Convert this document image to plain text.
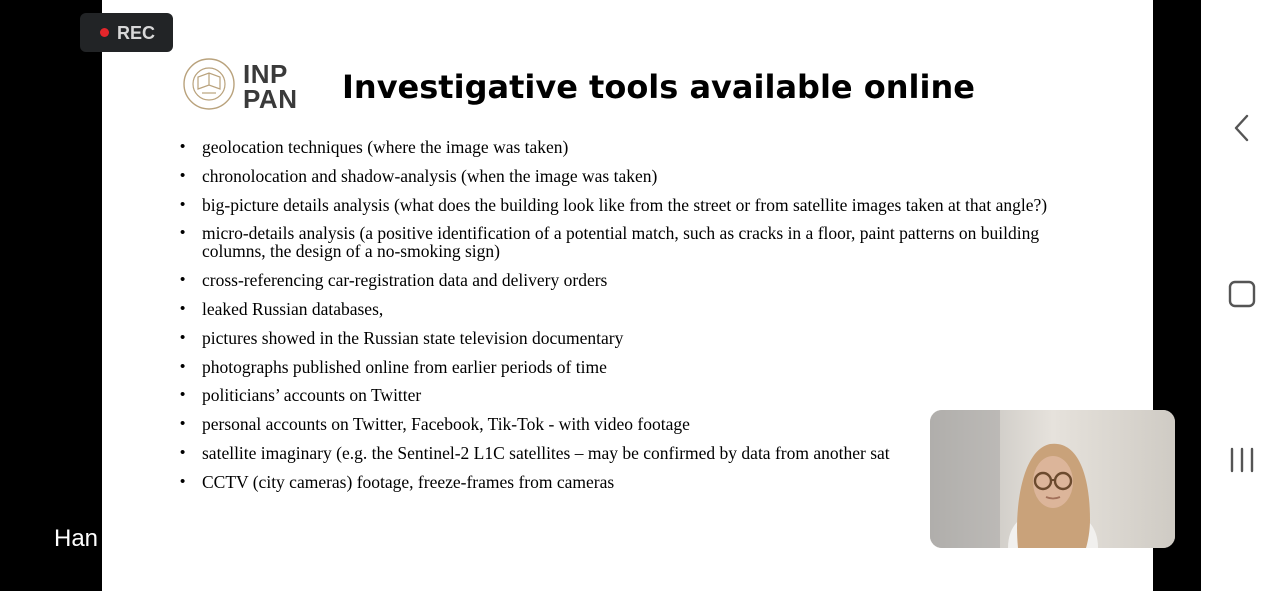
INP
PAN Investigative tools available online
• geolocation techniques (where the image was taken)
• chronolocation and shadow-analysis (when the image was taken)
• big-picture details analysis (what does the building look like from the street or from satellite images taken at that angle?)
• micro-details analysis (a positive identification of a potential match, such as cracks in a floor, paint patterns on building columns, the design of a no-smoking sign)
• cross-referencing car-registration data and delivery orders
• leaked Russian databases,
• pictures showed in the Russian state television documentary
• photographs published online from earlier periods of time
• politicians’ accounts on Twitter
• personal accounts on Twitter, Facebook, Tik-Tok - with video footage
• satellite imaginary (e.g. the Sentinel-2 L1C satellites – may be confirmed by data from another sat
• CCTV (city cameras) footage, freeze-frames from cameras
REC
Han
